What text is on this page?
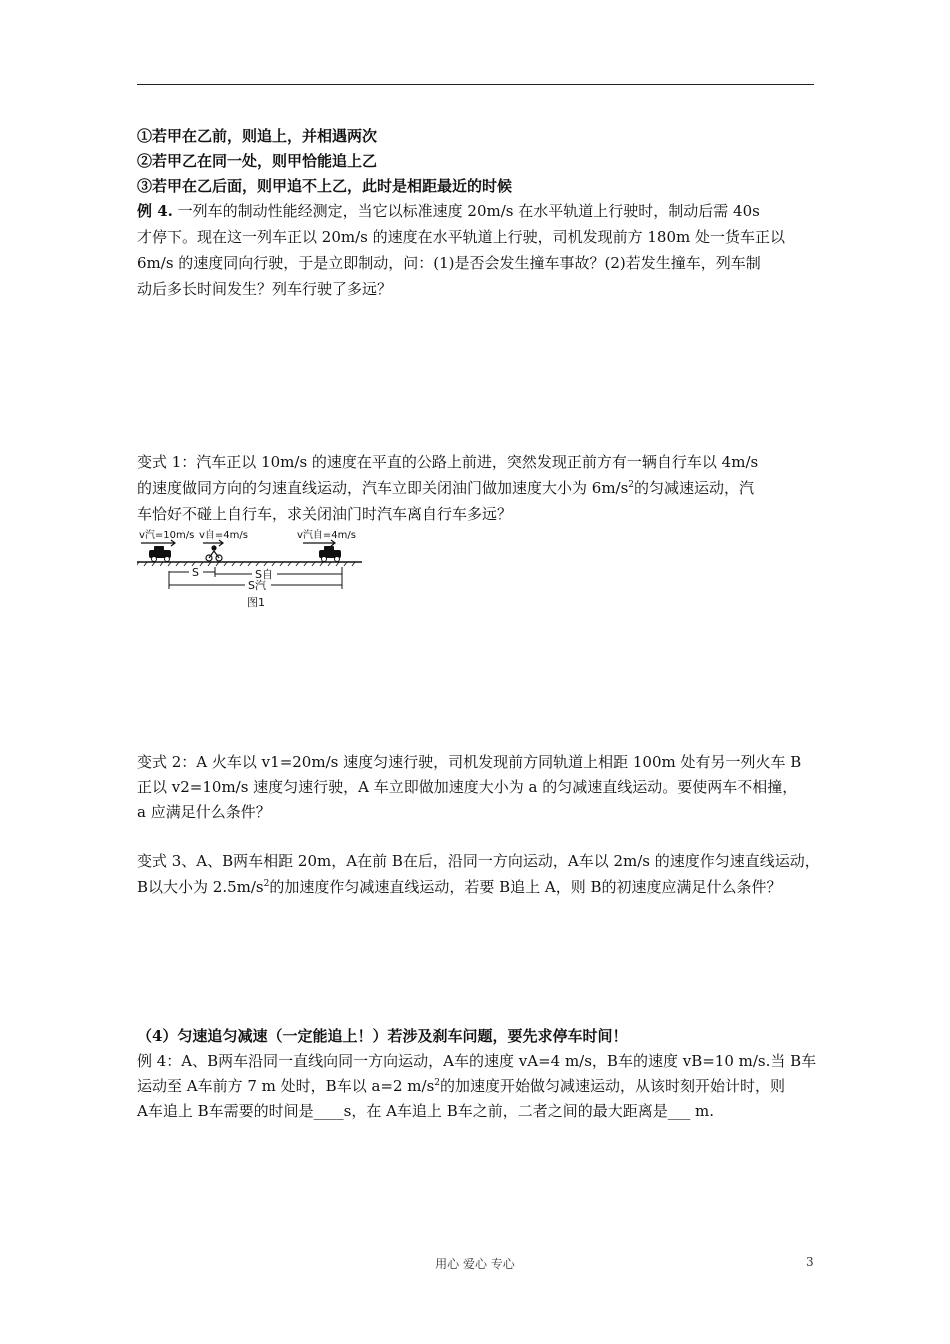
①若甲在乙前，则追上，并相遇两次
②若甲乙在同一处，则甲恰能追上乙
③若甲在乙后面，则甲追不上乙，此时是相距最近的时候
例 4. 一列车的制动性能经测定，当它以标准速度 20m/s 在水平轨道上行驶时，制动后需 40s
才停下。现在这一列车正以 20m/s 的速度在水平轨道上行驶，司机发现前方 180m 处一货车正以
6m/s 的速度同向行驶，于是立即制动，问：(1)是否会发生撞车事故？(2)若发生撞车，列车制
动后多长时间发生？列车行驶了多远？
变式 1：汽车正以 10m/s 的速度在平直的公路上前进，突然发现正前方有一辆自行车以 4m/s
的速度做同方向的匀速直线运动，汽车立即关闭油门做加速度大小为 $6m/s^2$的匀减速运动，汽
车恰好不碰上自行车，求关闭油门时汽车离自行车多远？
v汽=10m/s v自=4m/s	v汽自=4m/s
S	S自
S汽
图1
变式 2：A 火车以 v1=20m/s 速度匀速行驶，司机发现前方同轨道上相距 100m 处有另一列火车 B
正以 v2=10m/s 速度匀速行驶，A 车立即做加速度大小为 a 的匀减速直线运动。要使两车不相撞，
a 应满足什么条件？
变式 3、A、B两车相距 20m，A在前 B在后，沿同一方向运动，A车以 2m/s 的速度作匀速直线运动，
B以大小为 $2.5m/s^2$的加速度作匀减速直线运动，若要 B追上 A，则 B的初速度应满足什么条件？
（4）匀速追匀减速（一定能追上！）若涉及刹车问题，要先求停车时间！
例 4：A、B两车沿同一直线向同一方向运动，A车的速度 vA=4 m/s，B车的速度 vB=10 m/s.当 B车
运动至 A车前方 7 m 处时，B车以 a=2 $m/s^2$的加速度开始做匀减速运动，从该时刻开始计时，则
A车追上 B车需要的时间是____s，在 A车追上 B车之前，二者之间的最大距离是___ m.
用心 爱心 专心	3
